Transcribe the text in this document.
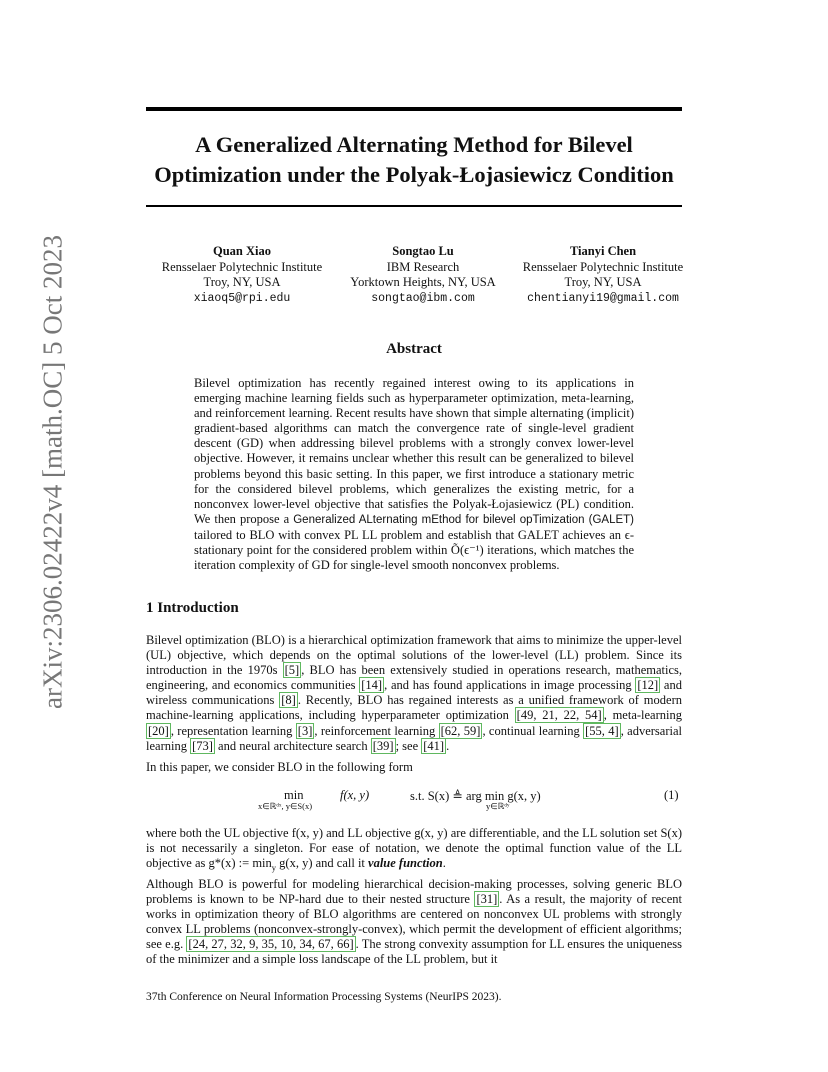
arXiv:2306.02422v4 [math.OC] 5 Oct 2023
A Generalized Alternating Method for Bilevel
Optimization under the Polyak-Łojasiewicz Condition
Quan Xiao
Rensselaer Polytechnic Institute
Troy, NY, USA
xiaoq5@rpi.edu
Songtao Lu
IBM Research
Yorktown Heights, NY, USA
songtao@ibm.com
Tianyi Chen
Rensselaer Polytechnic Institute
Troy, NY, USA
chentianyi19@gmail.com
Abstract

Bilevel optimization has recently regained interest owing to its applications in emerging machine learning fields such as hyperparameter optimization, meta-learning, and reinforcement learning. Recent results have shown that simple alternating (implicit) gradient-based algorithms can match the convergence rate of single-level gradient descent (GD) when addressing bilevel problems with a strongly convex lower-level objective. However, it remains unclear whether this result can be generalized to bilevel problems beyond this basic setting. In this paper, we first introduce a stationary metric for the considered bilevel problems, which generalizes the existing metric, for a nonconvex lower-level objective that satisfies the Polyak-Łojasiewicz (PL) condition. We then propose a Generalized ALternating mEthod for bilevel opTimization (GALET) tailored to BLO with convex PL LL problem and establish that GALET achieves an ϵ-stationary point for the considered problem within Õ(ϵ⁻¹) iterations, which matches the iteration complexity of GD for single-level smooth nonconvex problems.

1 Introduction

Bilevel optimization (BLO) is a hierarchical optimization framework that aims to minimize the upper-level (UL) objective, which depends on the optimal solutions of the lower-level (LL) problem. Since its introduction in the 1970s [5] , BLO has been extensively studied in operations research, mathematics, engineering, and economics communities [14] , and has found applications in image processing [12] and wireless communications [8] . Recently, BLO has regained interests as a unified framework of modern machine-learning applications, including hyperparameter optimization [49, 21, 22, 54] , meta-learning [20] , representation learning [3] , reinforcement learning [62, 59] , continual learning [55, 4] , adversarial learning [73] and neural architecture search [39] ; see [41] .

In this paper, we consider BLO in the following form

min
x∈ℝᵈˣ, y∈S(x)
f(x, y)	s.t. S(x) ≜ arg min g(x, y)
y∈ℝᵈʸ
(1)

where both the UL objective f(x, y) and LL objective g(x, y) are differentiable, and the LL solution set S(x) is not necessarily a singleton. For ease of notation, we denote the optimal function value of the LL objective as g*(x) := $\min_y g(x$, y) and call it value function.

Although BLO is powerful for modeling hierarchical decision-making processes, solving generic BLO problems is known to be NP-hard due to their nested structure [31] . As a result, the majority of recent works in optimization theory of BLO algorithms are centered on nonconvex UL problems with strongly convex LL problems (nonconvex-strongly-convex), which permit the development of efficient algorithms; see e.g. [24, 27, 32, 9, 35, 10, 34, 67, 66] . The strong convexity assumption for LL ensures the uniqueness of the minimizer and a simple loss landscape of the LL problem, but it

37th Conference on Neural Information Processing Systems (NeurIPS 2023).
